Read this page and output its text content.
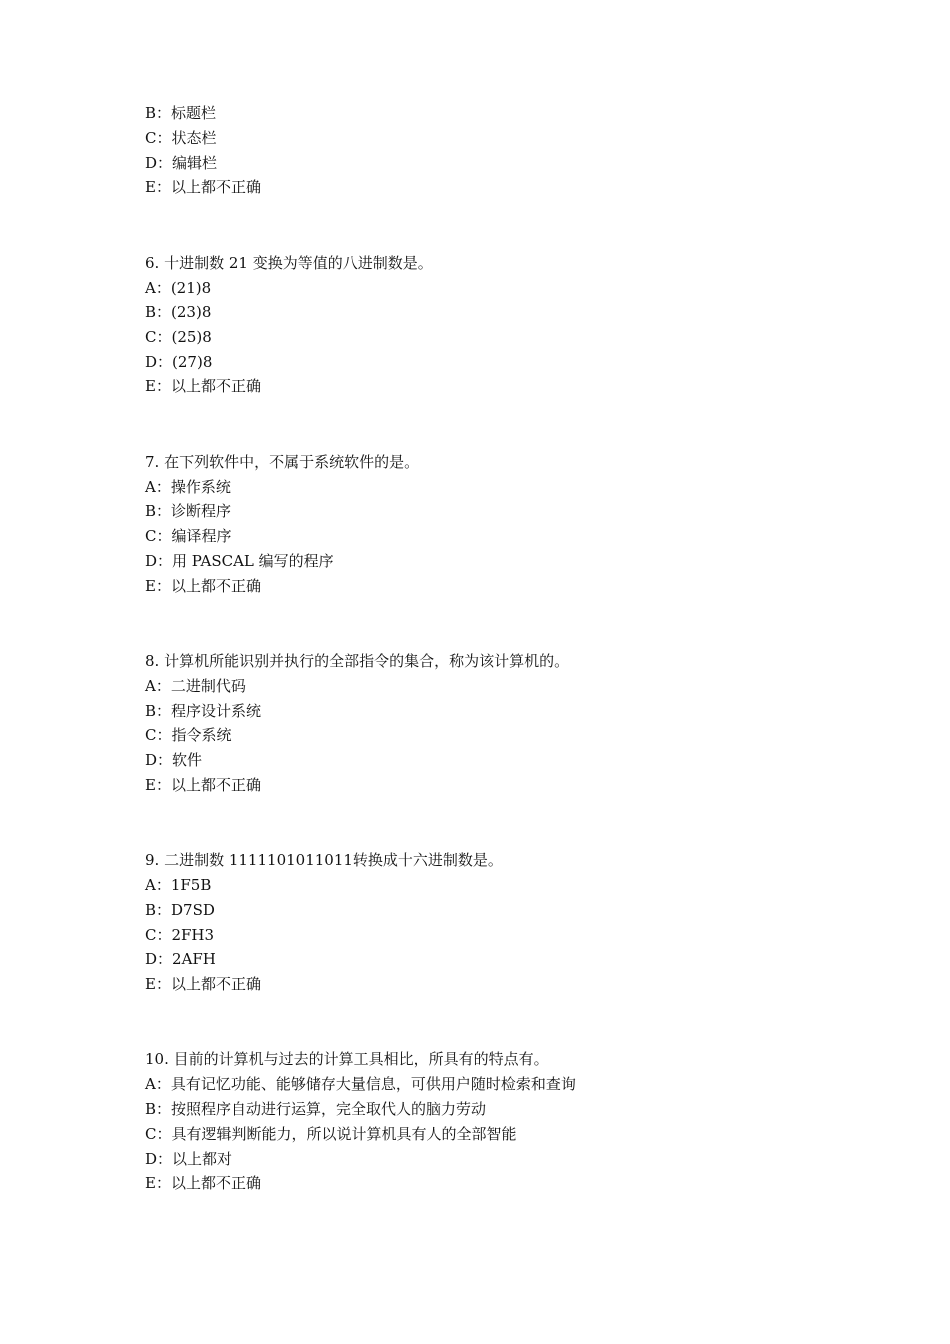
B：标题栏
C：状态栏
D：编辑栏
E：以上都不正确
6. 十进制数 21 变换为等值的八进制数是。
A：(21)8
B：(23)8
C：(25)8
D：(27)8
E：以上都不正确
7. 在下列软件中，不属于系统软件的是。
A：操作系统
B：诊断程序
C：编译程序
D：用 PASCAL 编写的程序
E：以上都不正确
8. 计算机所能识别并执行的全部指令的集合，称为该计算机的。
A：二进制代码
B：程序设计系统
C：指令系统
D：软件
E：以上都不正确
9. 二进制数 1111101011011转换成十六进制数是。
A：1F5B
B：D7SD
C：2FH3
D：2AFH
E：以上都不正确
10. 目前的计算机与过去的计算工具相比，所具有的特点有。
A：具有记忆功能、能够储存大量信息，可供用户随时检索和查询
B：按照程序自动进行运算，完全取代人的脑力劳动
C：具有逻辑判断能力，所以说计算机具有人的全部智能
D：以上都对
E：以上都不正确
